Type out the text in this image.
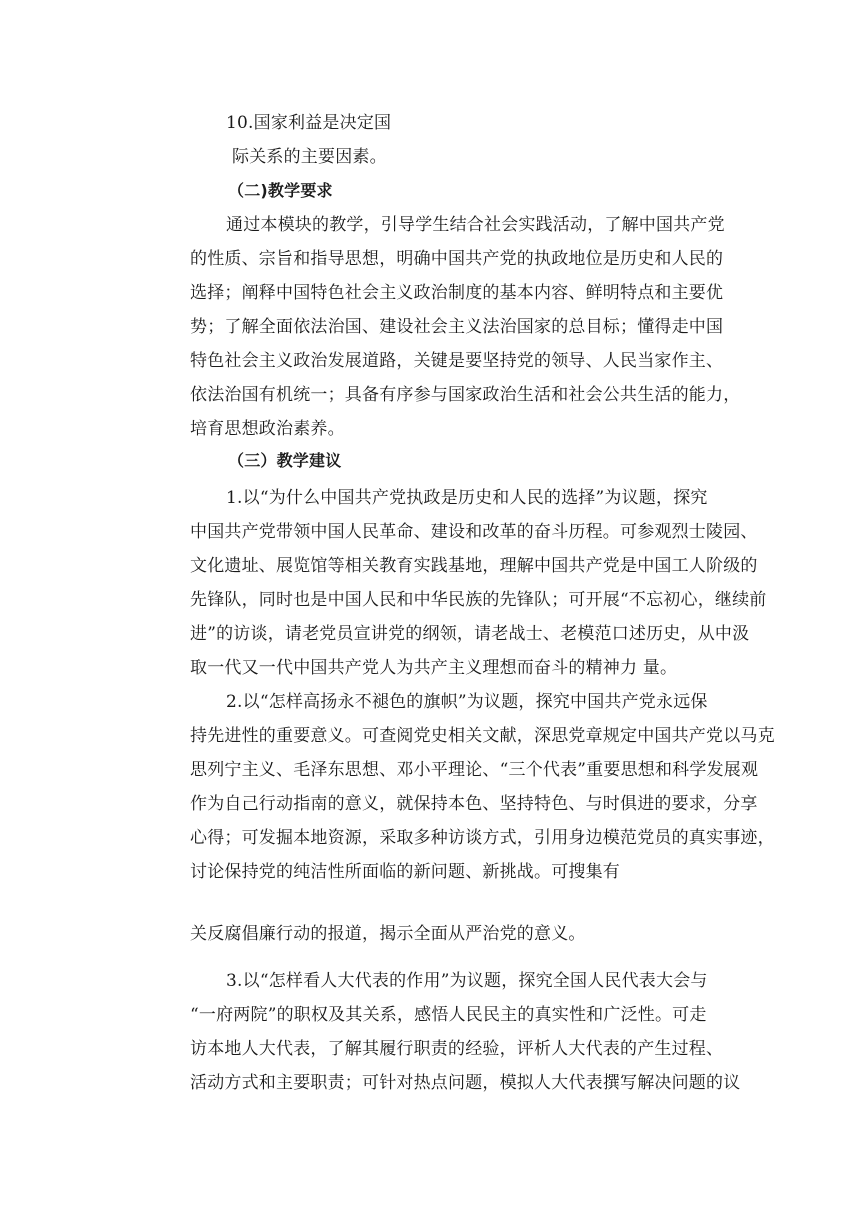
10.国家利益是决定国
际关系的主要因素。
（二)教学要求
通过本模块的教学，引导学生结合社会实践活动，了解中国共产党
的性质、宗旨和指导思想，明确中国共产党的执政地位是历史和人民的
选择；阐释中国特色社会主义政治制度的基本内容、鲜明特点和主要优
势；了解全面依法治国、建设社会主义法治国家的总目标；懂得走中国
特色社会主义政治发展道路，关键是要坚持党的领导、人民当家作主、
依法治国有机统一；具备有序参与国家政治生活和社会公共生活的能力，
培育思想政治素养。
（三）教学建议
1.以“为什么中国共产党执政是历史和人民的选择”为议题，探究
中国共产党带领中国人民革命、建设和改革的奋斗历程。可参观烈士陵园、
文化遗址、展览馆等相关教育实践基地，理解中国共产党是中国工人阶级的
先锋队，同时也是中国人民和中华民族的先锋队；可开展“不忘初心，继续前
进”的访谈，请老党员宣讲党的纲领，请老战士、老模范口述历史，从中汲
取一代又一代中国共产党人为共产主义理想而奋斗的精神力 量。
2.以“怎样高扬永不褪色的旗帜”为议题，探究中国共产党永远保
持先进性的重要意义。可查阅党史相关文献，深思党章规定中国共产党以马克
思列宁主义、毛泽东思想、邓小平理论、“三个代表”重要思想和科学发展观
作为自己行动指南的意义，就保持本色、坚持特色、与时俱进的要求，分享
心得；可发掘本地资源，采取多种访谈方式，引用身边模范党员的真实事迹，
讨论保持党的纯洁性所面临的新问题、新挑战。可搜集有
关反腐倡廉行动的报道，揭示全面从严治党的意义。
3.以“怎样看人大代表的作用”为议题，探究全国人民代表大会与
“一府两院”的职权及其关系，感悟人民民主的真实性和广泛性。可走
访本地人大代表，了解其履行职责的经验，评析人大代表的产生过程、
活动方式和主要职责；可针对热点问题，模拟人大代表撰写解决问题的议
